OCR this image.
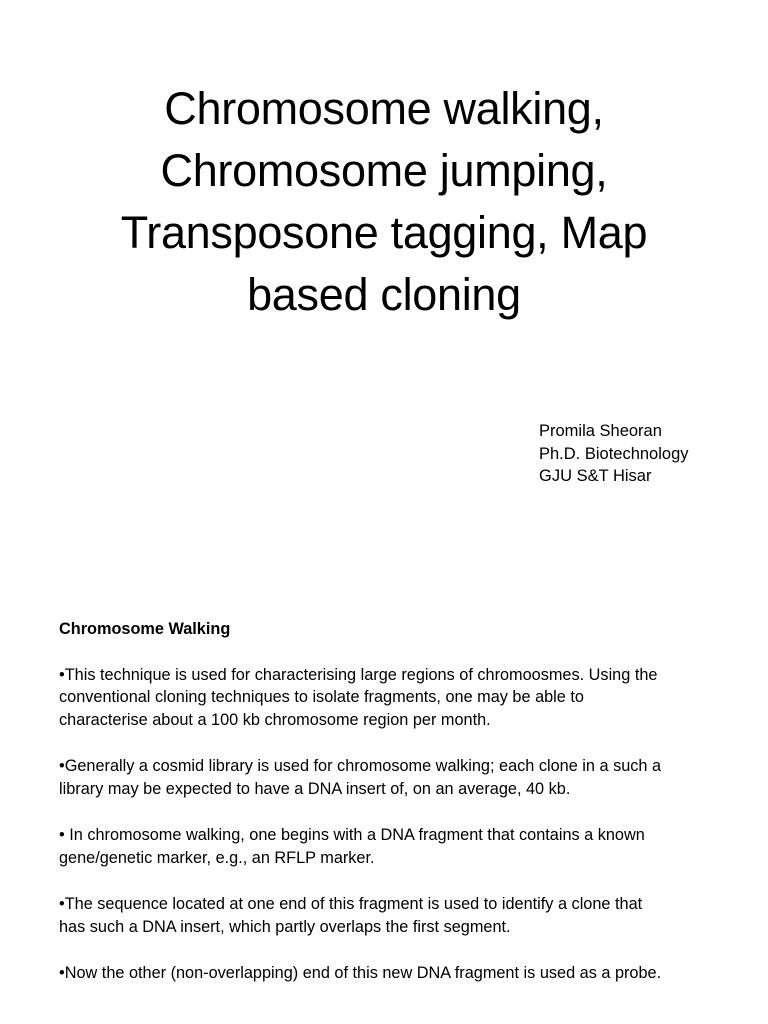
Chromosome walking,
Chromosome jumping,
Transposone tagging, Map
based cloning
Promila Sheoran
Ph.D. Biotechnology
GJU S&T Hisar
Chromosome Walking
•This technique is used for characterising large regions of chromoosmes. Using the
conventional cloning techniques to isolate fragments, one may be able to
characterise about a 100 kb chromosome region per month.
•Generally a cosmid library is used for chromosome walking; each clone in a such a
library may be expected to have a DNA insert of, on an average, 40 kb.
• In chromosome walking, one begins with a DNA fragment that contains a known
gene/genetic marker, e.g., an RFLP marker.
•The sequence located at one end of this fragment is used to identify a clone that
has such a DNA insert, which partly overlaps the first segment.
•Now the other (non-overlapping) end of this new DNA fragment is used as a probe.
